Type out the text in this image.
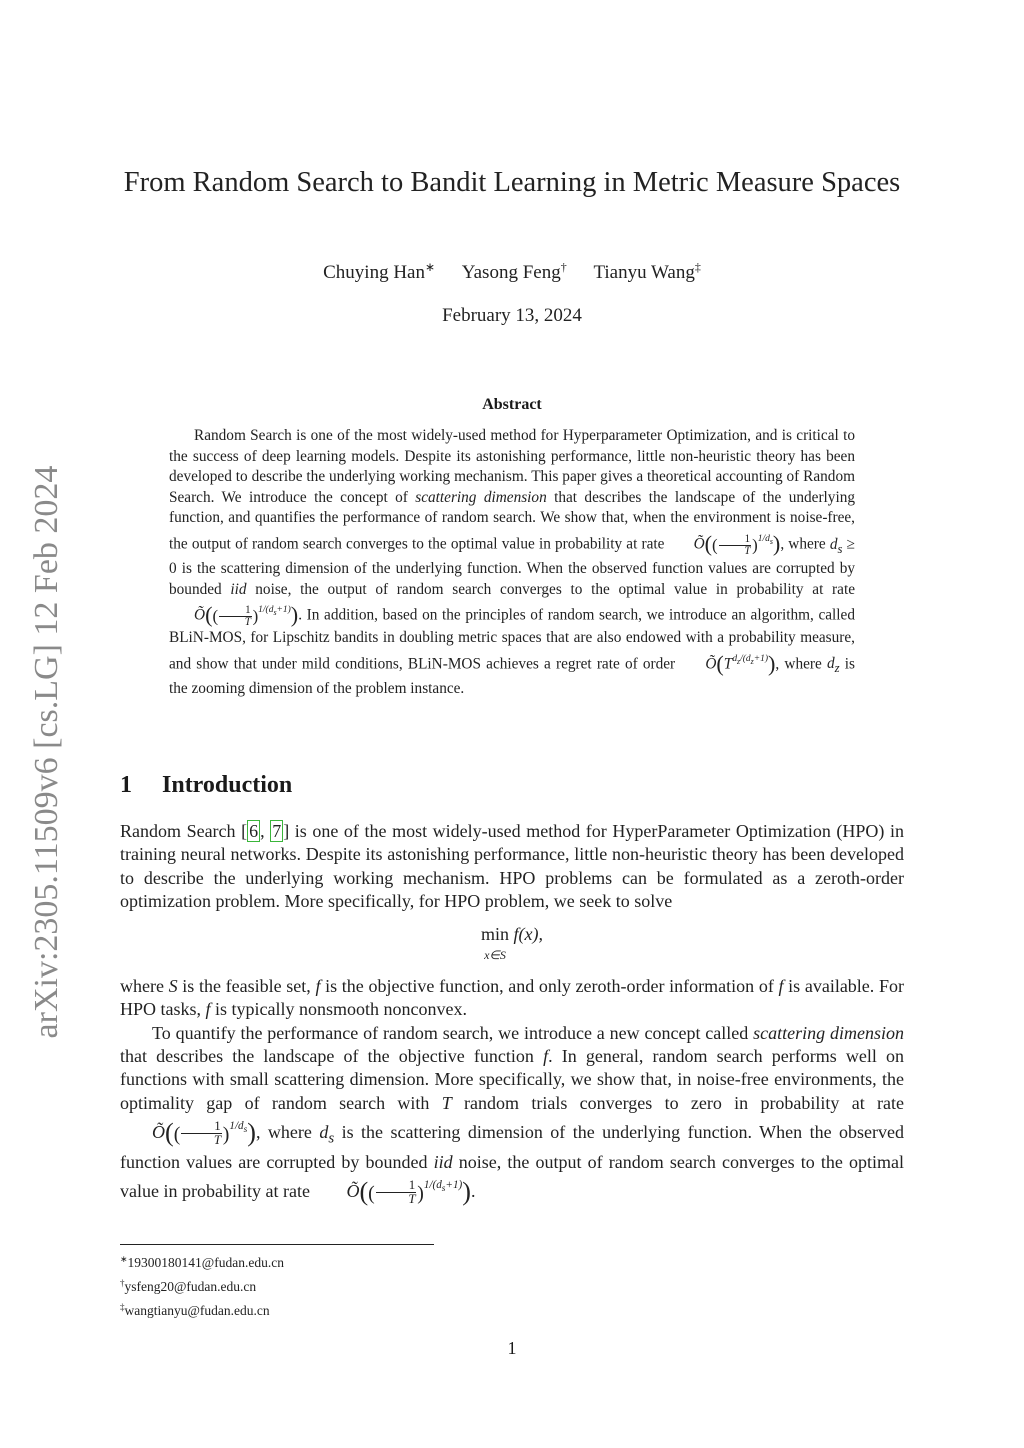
arXiv:2305.11509v6 [cs.LG] 12 Feb 2024
From Random Search to Bandit Learning in Metric Measure Spaces
Chuying Han∗ Yasong Feng† Tianyu Wang‡
February 13, 2024
Abstract

Random Search is one of the most widely-used method for Hyperparameter Optimization, and is critical to the success of deep learning models. Despite its astonishing performance, little non-heuristic theory has been developed to describe the underlying working mechanism. This paper gives a theoretical accounting of Random Search. We introduce the concept of scattering dimension that describes the landscape of the underlying function, and quantifies the performance of random search. We show that, when the environment is noise-free, the output of random search converges to the optimal value in probability at rate Õ(( $\frac{1}{T} )^{1/d_s}$), where $d_s \ge 0$ is the scattering dimension of the underlying function. When the observed function values are corrupted by bounded iid noise, the output of random search converges to the optimal value in probability at rate Õ(( $\frac{1}{T} )^{1/(d_s+1)}$). In addition, based on the principles of random search, we introduce an algorithm, called BLiN-MOS, for Lipschitz bandits in doubling metric spaces that are also endowed with a probability measure, and show that under mild conditions, BLiN-MOS achieves a regret rate of order $Õ(T^{d_z/(d_z+1)})$, where $d_z$ is the zooming dimension of the problem instance.

1 Introduction

Random Search [ 6 , 7 ] is one of the most widely-used method for HyperParameter Optimization (HPO) in training neural networks. Despite its astonishing performance, little non-heuristic theory has been developed to describe the underlying working mechanism. HPO problems can be formulated as a zeroth-order optimization problem. More specifically, for HPO problem, we seek to solve

min
x∈S
f(x),

where S is the feasible set, f is the objective function, and only zeroth-order information of f is available. For HPO tasks, f is typically nonsmooth nonconvex.

To quantify the performance of random search, we introduce a new concept called scattering dimension that describes the landscape of the objective function f. In general, random search performs well on functions with small scattering dimension. More specifically, we show that, in noise-free environments, the optimality gap of random search with T random trials converges to zero in probability at rate Õ(( $\frac{1}{T} )^{1/d_s}$), where $d_s$ is the scattering dimension of the underlying function. When the observed function values are corrupted by bounded iid noise, the output of random search converges to the optimal value in probability at rate Õ(( $\frac{1}{T} )^{1/(d_s+1)}$).

∗19300180141@fudan.edu.cn
†ysfeng20@fudan.edu.cn
‡wangtianyu@fudan.edu.cn
1
